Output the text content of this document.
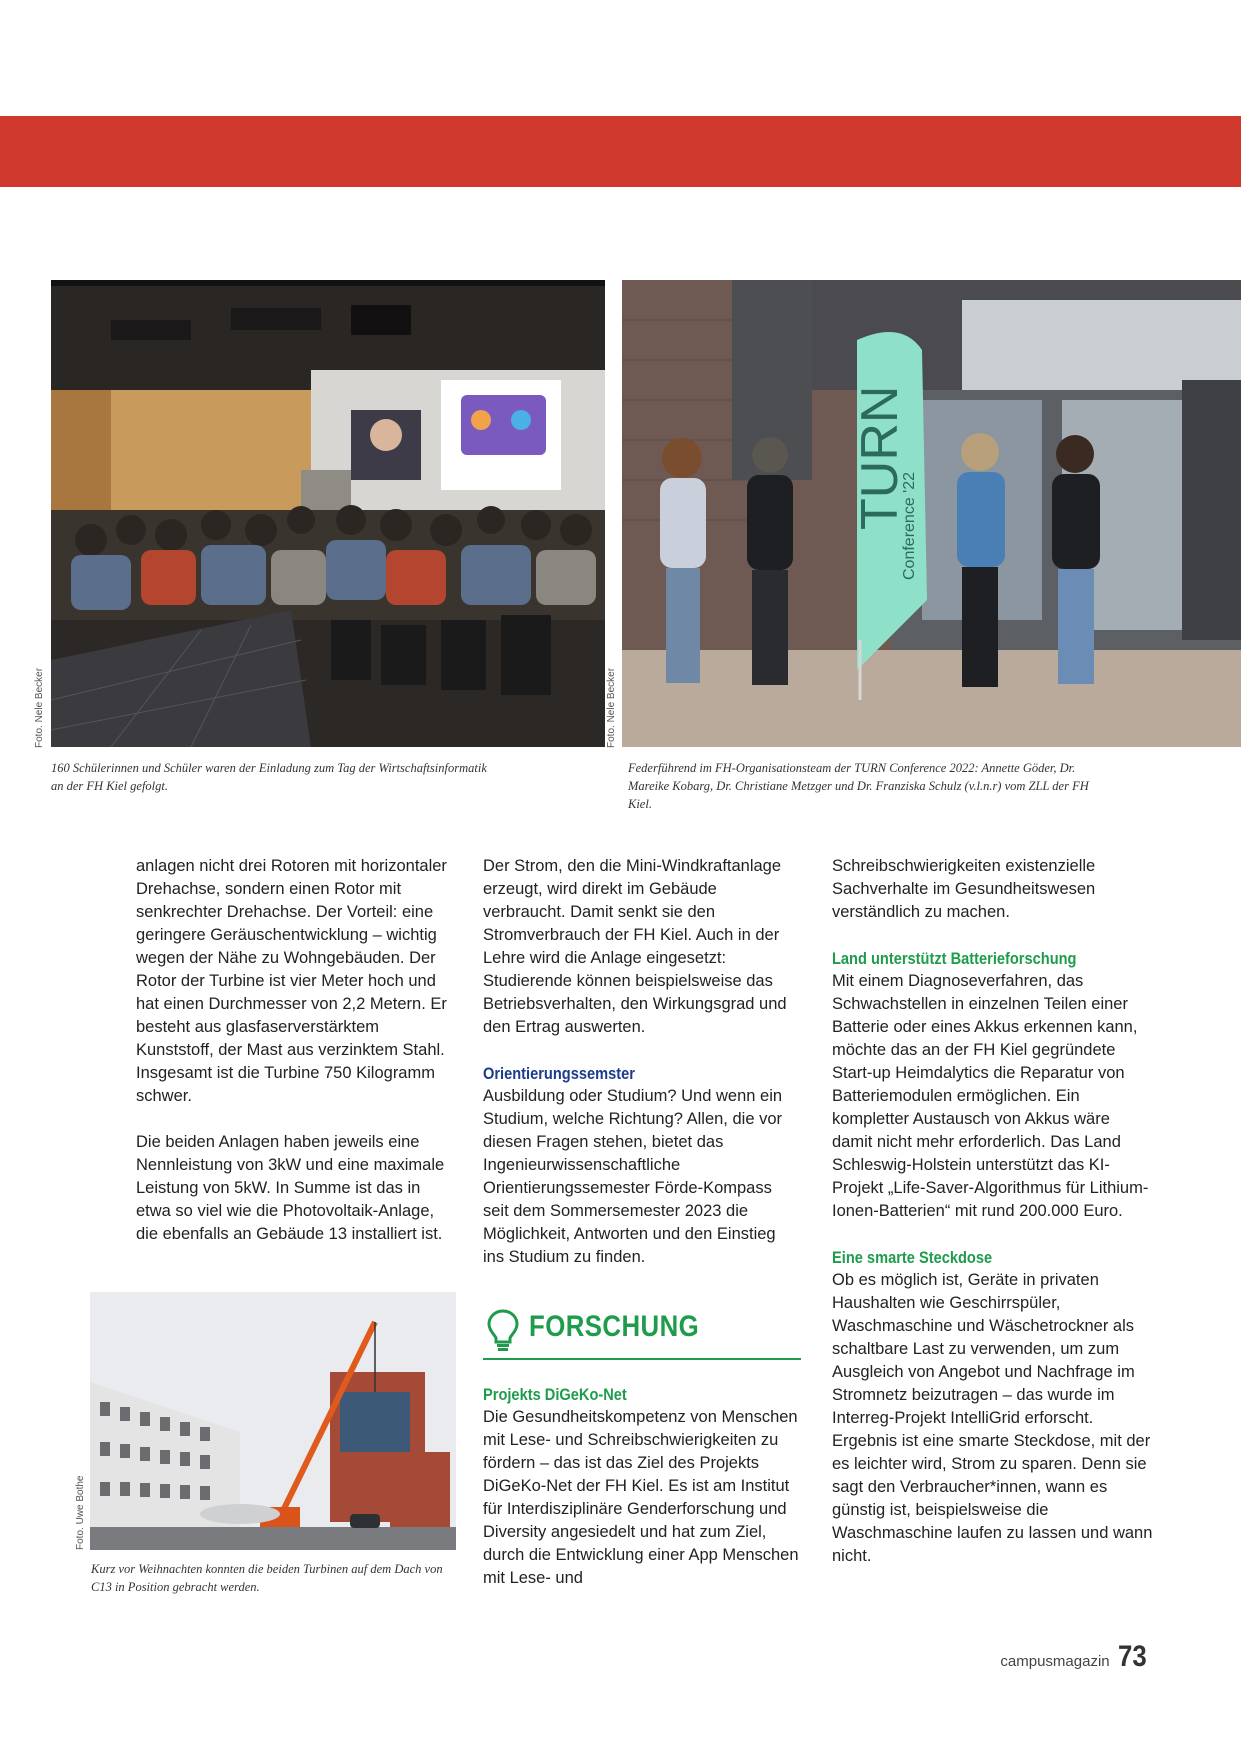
Foto. Nele Becker
160 Schülerinnen und Schüler waren der Einladung zum Tag der Wirtschaftsinformatik an der FH Kiel gefolgt.
TURN
Conference '22
Foto. Nele Becker
Federführend im FH-Organisationsteam der TURN Conference 2022: Annette Göder, Dr. Mareike Kobarg, Dr. Christiane Metzger und Dr. Franziska Schulz (v.l.n.r) vom ZLL der FH Kiel.
Foto. Uwe Bothe
Kurz vor Weihnachten konnten die beiden Turbinen auf dem Dach von C13 in Position gebracht werden.

anlagen nicht drei Rotoren mit horizontaler Drehachse, sondern einen Rotor mit senkrechter Drehachse. Der Vorteil: eine geringere Geräuschentwicklung – wichtig wegen der Nähe zu Wohngebäuden. Der Rotor der Turbine ist vier Meter hoch und hat einen Durchmesser von 2,2 Metern. Er besteht aus glasfaserverstärktem Kunststoff, der Mast aus verzinktem Stahl. Insgesamt ist die Turbine 750 Kilogramm schwer.

Die beiden Anlagen haben jeweils eine Nennleistung von 3kW und eine maximale Leistung von 5kW. In Summe ist das in etwa so viel wie die Photovoltaik-Anlage, die ebenfalls an Gebäude 13 installiert ist.

Der Strom, den die Mini-Windkraftanlage erzeugt, wird direkt im Gebäude verbraucht. Damit senkt sie den Stromverbrauch der FH Kiel. Auch in der Lehre wird die Anlage eingesetzt: Studierende können beispielsweise das Betriebsverhalten, den Wirkungsgrad und den Ertrag auswerten.

Orientierungssemster

Ausbildung oder Studium? Und wenn ein Studium, welche Richtung? Allen, die vor diesen Fragen stehen, bietet das Ingenieurwissenschaftliche Orientierungssemester Förde-Kompass seit dem Sommersemester 2023 die Möglichkeit, Antworten und den Einstieg ins Studium zu finden.

FORSCHUNG
Projekts DiGeKo-Net

Die Gesundheitskompetenz von Menschen mit Lese- und Schreibschwierigkeiten zu fördern – das ist das Ziel des Projekts DiGeKo-Net der FH Kiel. Es ist am Institut für Interdisziplinäre Genderforschung und Diversity angesiedelt und hat zum Ziel, durch die Entwicklung einer App Menschen mit Lese- und

Schreibschwierigkeiten existenzielle Sachverhalte im Gesundheitswesen verständlich zu machen.

Land unterstützt Batterieforschung

Mit einem Diagnoseverfahren, das Schwachstellen in einzelnen Teilen einer Batterie oder eines Akkus erkennen kann, möchte das an der FH Kiel gegründete Start-up Heimdalytics die Reparatur von Batteriemodulen ermöglichen. Ein kompletter Austausch von Akkus wäre damit nicht mehr erforderlich. Das Land Schleswig-Holstein unterstützt das KI-Projekt „Life-Saver-Algorithmus für Lithium-Ionen-Batterien“ mit rund 200.000 Euro.

Eine smarte Steckdose

Ob es möglich ist, Geräte in privaten Haushalten wie Geschirrspüler, Waschmaschine und Wäschetrockner als schaltbare Last zu verwenden, um zum Ausgleich von Angebot und Nachfrage im Stromnetz beizutragen – das wurde im Interreg-Projekt IntelliGrid erforscht. Ergebnis ist eine smarte Steckdose, mit der es leichter wird, Strom zu sparen. Denn sie sagt den Verbraucher*innen, wann es günstig ist, beispielsweise die Waschmaschine laufen zu lassen und wann nicht.

campusmagazin 73
